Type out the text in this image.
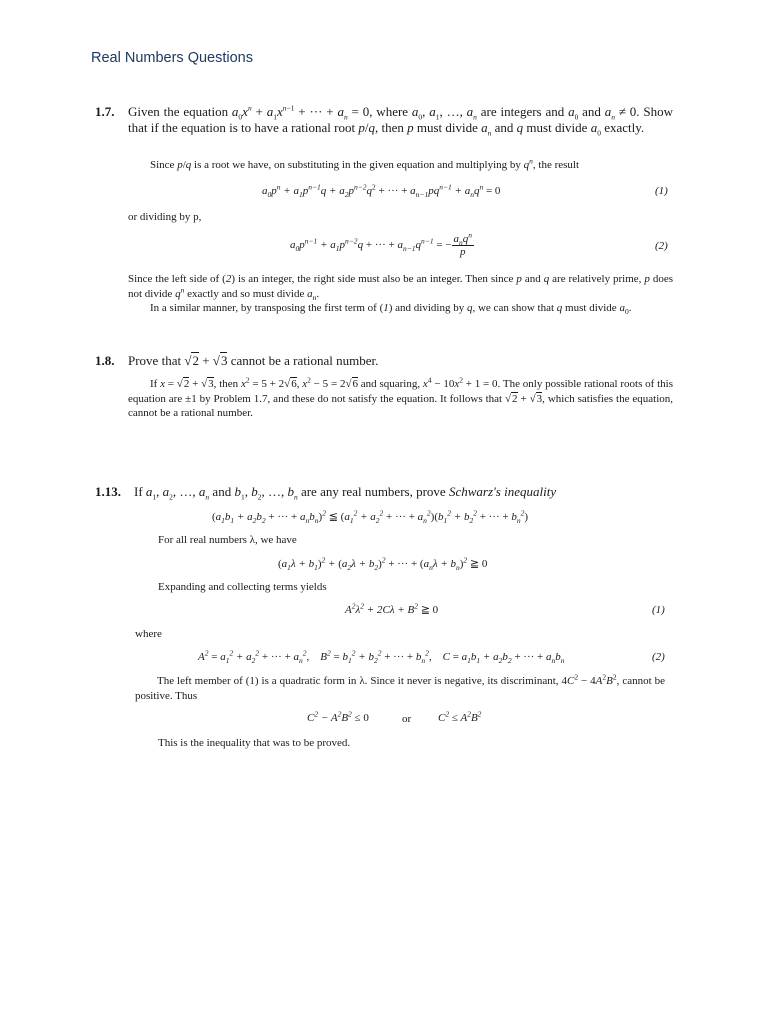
Real Numbers Questions
1.7. Given the equation $a_0x^n + a_1x^{n-1}$ + ··· + $a_n = 0$, where $a_0$, $a_1$, …, $a_n$ are integers and $a_0$ and $a_n \ne 0$. Show that if the equation is to have a rational root p/q, then p must divide $a_n$ and q must divide $a_0$ exactly.
Since p/q is a root we have, on substituting in the given equation and multiplying by $q^n$, the result
$a_0p^n + a_1p^{n-1}q + a_2p^{n-2}q^2$ + ··· + $a_{n-1}pq^{n-1} + a_nq^n = 0$	(1)
or dividing by p,
$a_0p^{n-1} + a_1p^{n-2}q$ + ··· + $a_{n-1}q^{n-1}$ = − $\frac{a_nq^n}{p}$	(2)
Since the left side of (2) is an integer, the right side must also be an integer. Then since p and q are relatively prime, p does not divide $q^n$ exactly and so must divide $a_n$.
In a similar manner, by transposing the first term of (1) and dividing by q, we can show that q must divide $a_0$.
1.8. Prove that √2 + √3 cannot be a rational number.
If x = √2 + √3, then $x^2 = 5 + 2√6$, $x^2 - 5 = 2√6$ and squaring, $x^4 - 10x^2 + 1 = 0$. The only possible rational roots of this equation are ±1 by Problem 1.7, and these do not satisfy the equation. It follows that √2 + √3, which satisfies the equation, cannot be a rational number.
1.13. If $a_1$, $a_2$, …, $a_n$ and $b_1$, $b_2$, …, $b_n$ are any real numbers, prove Schwarz's inequality
($a_1b_1 + a_2b_2$ + ··· + $a_nb_n)^2$ ≦ ($a_1^2 + a_2^2$ + ··· + $a_n^2)(b_1^2 + b_2^2$ + ··· + $b_n^2$)
For all real numbers λ, we have
$(a_1\lambda + b_1)^2 + (a_2\lambda + b_2)^2$ + ··· + $(a_n\lambda + b_n)^2$ ≧ 0
Expanding and collecting terms yields
$A^2\lambda^2 + 2C\lambda + B^2$ ≧ 0	(1)
where
$A^2 = a_1^2 + a_2^2$ + ··· + $a_n^2$, $B^2 = b_1^2 + b_2^2$ + ··· + $b_n^2$, $C = a_1b_1 + a_2b_2$ + ··· + $a_nb_n$	(2)
The left member of (1) is a quadratic form in λ. Since it never is negative, its discriminant, $4C^2 - 4A^2B^2$, cannot be positive. Thus
$C^2 - A^2B^2 \le 0$	or $C^2 \le A^2B^2$
This is the inequality that was to be proved.
